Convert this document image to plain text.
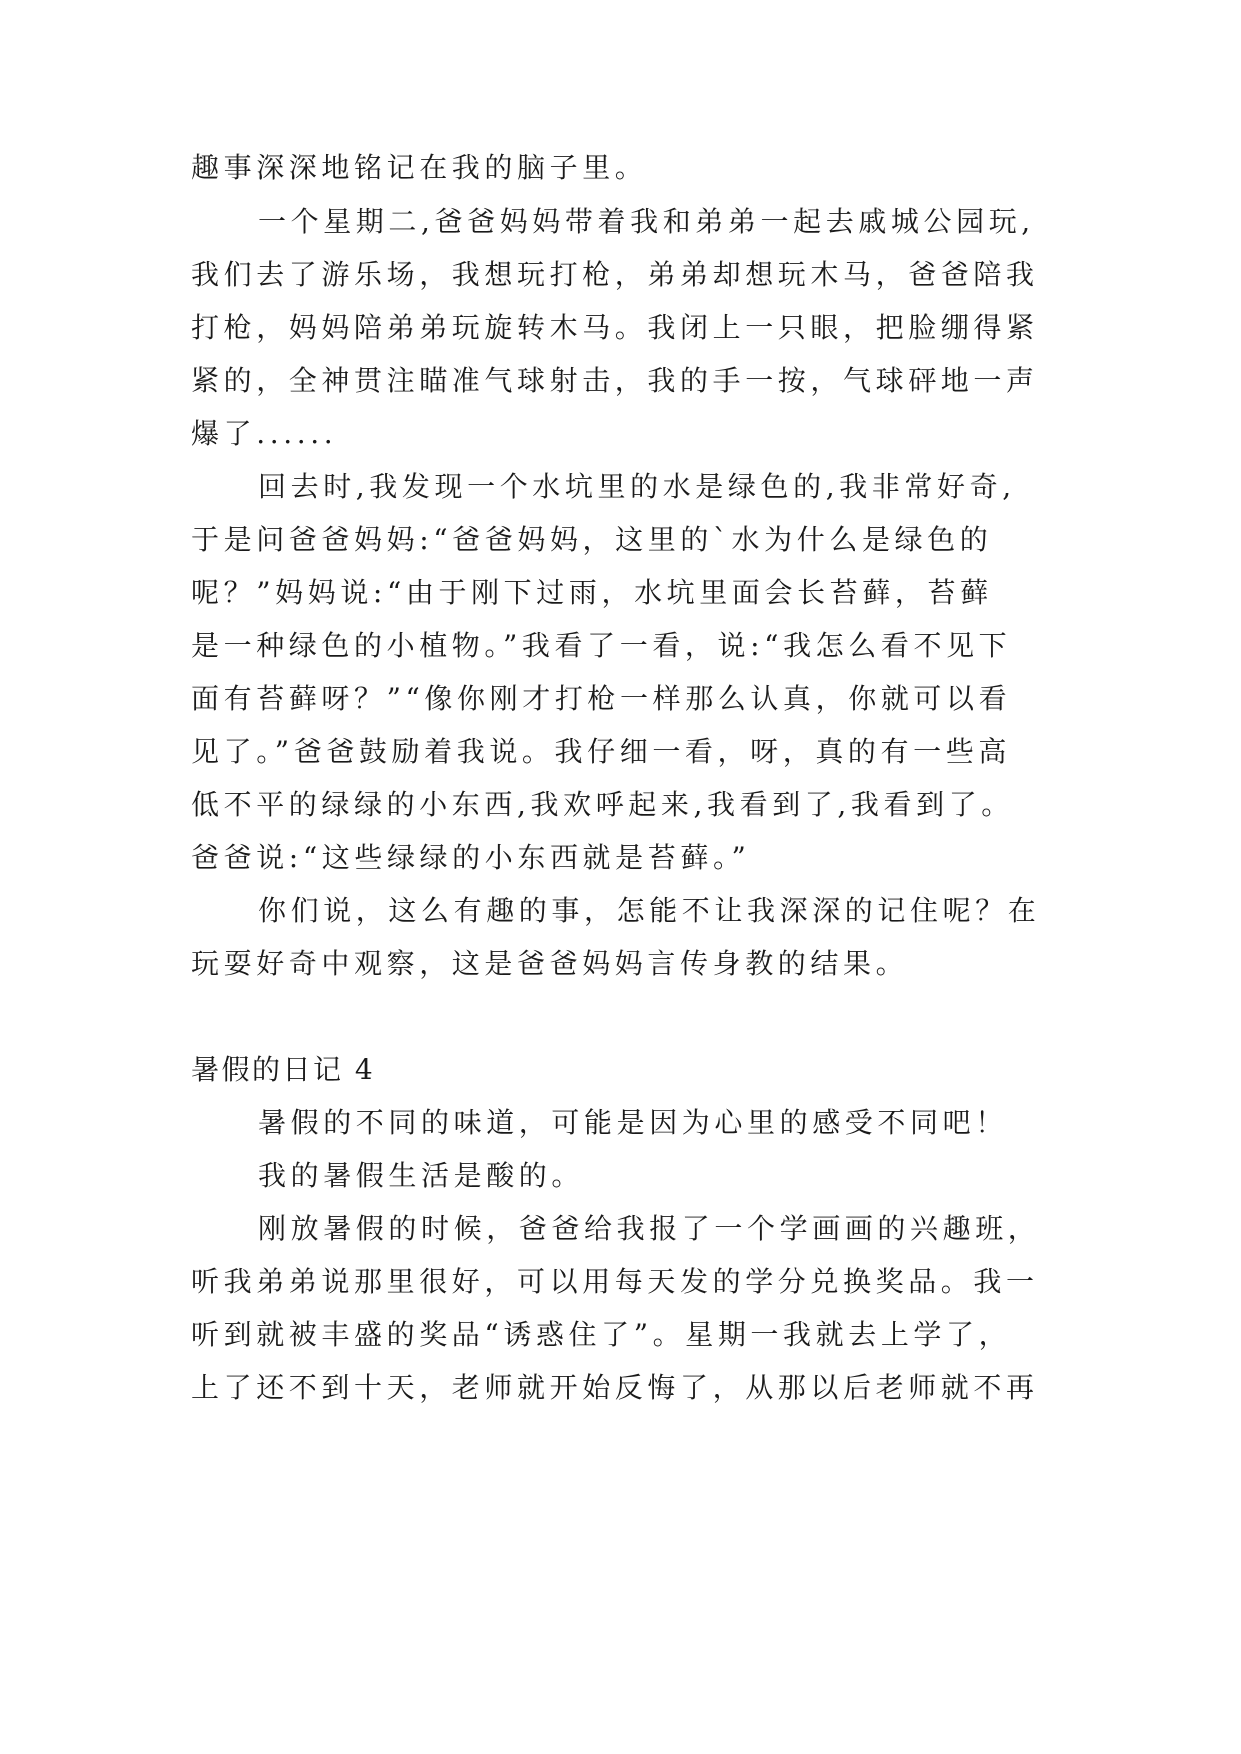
趣事深深地铭记在我的脑子里。
一个星期二,爸爸妈妈带着我和弟弟一起去戚城公园玩,
我们去了游乐场，我想玩打枪，弟弟却想玩木马，爸爸陪我
打枪，妈妈陪弟弟玩旋转木马。我闭上一只眼，把脸绷得紧
紧的，全神贯注瞄准气球射击，我的手一按，气球砰地一声
爆了......
回去时,我发现一个水坑里的水是绿色的,我非常好奇,
于是问爸爸妈妈:“爸爸妈妈，这里的`水为什么是绿色的
呢？”妈妈说:“由于刚下过雨，水坑里面会长苔藓，苔藓
是一种绿色的小植物。”我看了一看，说:“我怎么看不见下
面有苔藓呀？”“像你刚才打枪一样那么认真，你就可以看
见了。”爸爸鼓励着我说。我仔细一看，呀，真的有一些高
低不平的绿绿的小东西,我欢呼起来,我看到了,我看到了。
爸爸说:“这些绿绿的小东西就是苔藓。”
你们说，这么有趣的事，怎能不让我深深的记住呢？在
玩耍好奇中观察，这是爸爸妈妈言传身教的结果。
暑假的日记 4
暑假的不同的味道，可能是因为心里的感受不同吧！
我的暑假生活是酸的。
刚放暑假的时候，爸爸给我报了一个学画画的兴趣班，
听我弟弟说那里很好，可以用每天发的学分兑换奖品。我一
听到就被丰盛的奖品“诱惑住了”。星期一我就去上学了，
上了还不到十天，老师就开始反悔了，从那以后老师就不再
